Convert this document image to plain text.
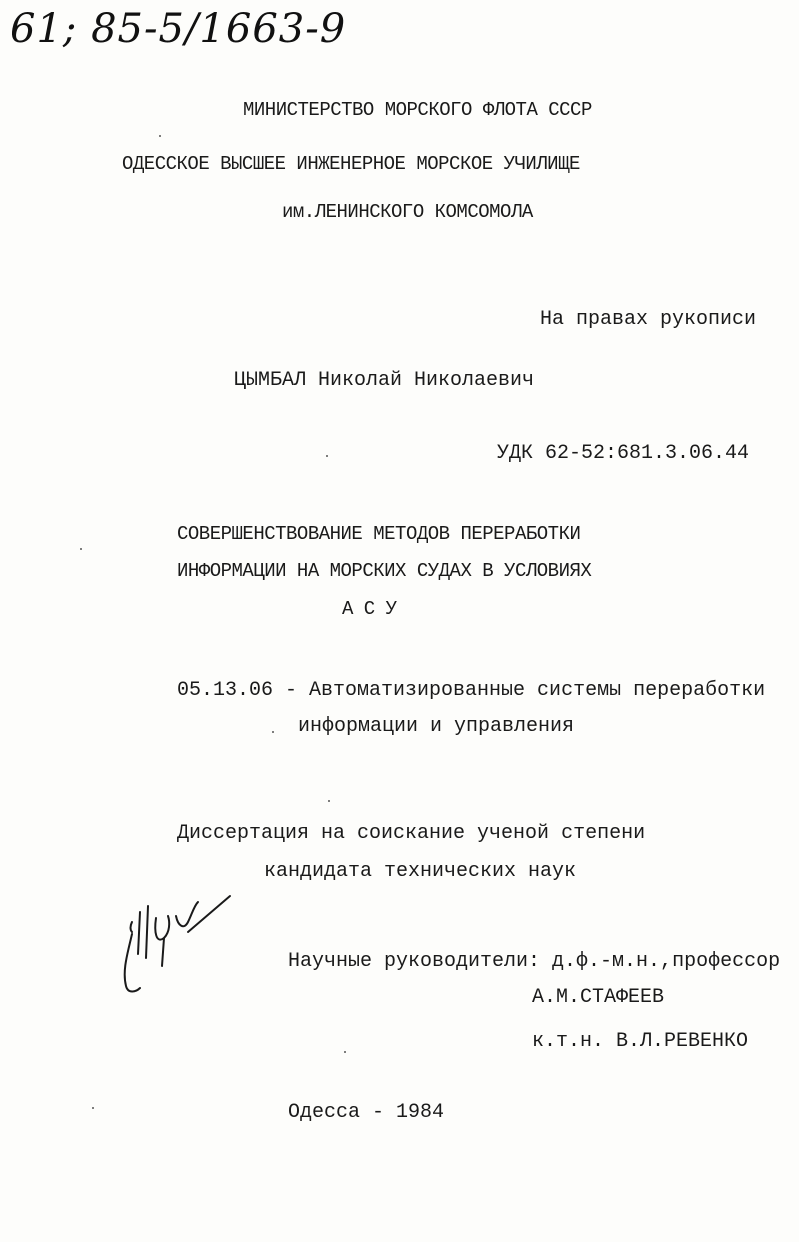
61; 85-5/1663-9
МИНИСТЕРСТВО МОРСКОГО ФЛОТА СССР
ОДЕССКОЕ ВЫСШЕЕ ИНЖЕНЕРНОЕ МОРСКОЕ УЧИЛИЩЕ
им.ЛЕНИНСКОГО КОМСОМОЛА
На правах рукописи
ЦЫМБАЛ Николай Николаевич
УДК 62-52:681.3.06.44
СОВЕРШЕНСТВОВАНИЕ МЕТОДОВ ПЕРЕРАБОТКИ
ИНФОРМАЦИИ НА МОРСКИХ СУДАХ В УСЛОВИЯХ
А С У
05.13.06 - Автоматизированные системы переработки
информации и управления
Диссертация на соискание ученой степени
кандидата технических наук
Научные руководители: д.ф.-м.н.,профессор
А.М.СТАФЕЕВ
к.т.н. В.Л.РЕВЕНКО
Одесса - 1984
